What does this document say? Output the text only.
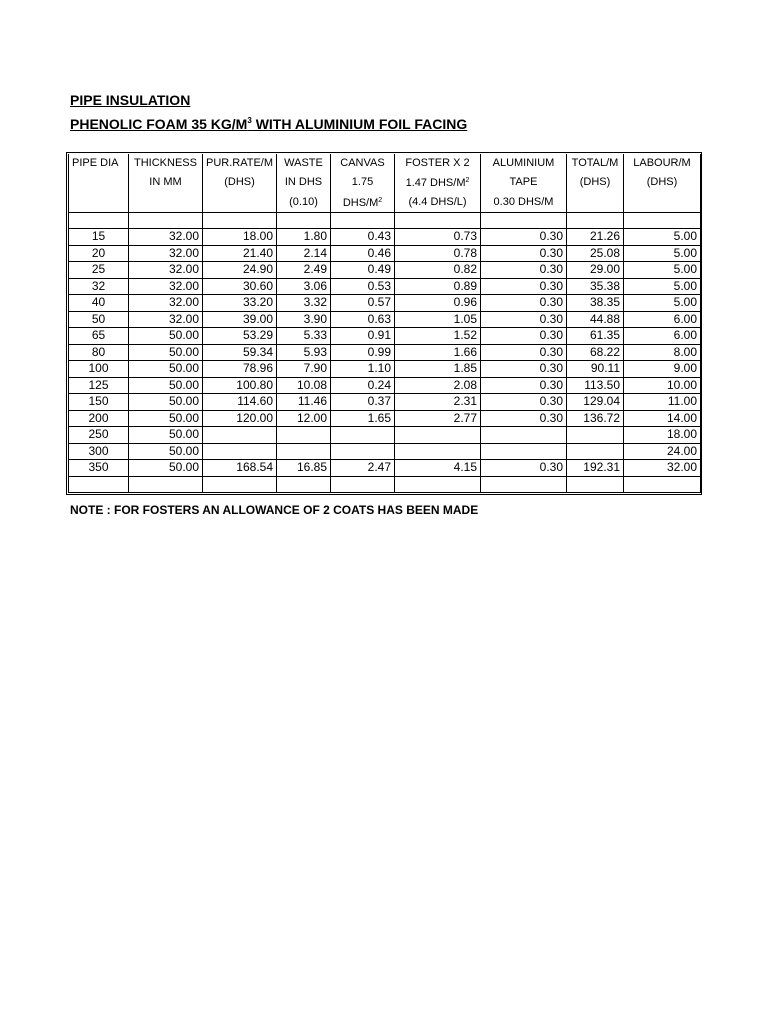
PIPE INSULATION
PHENOLIC FOAM 35 $KG/M^3$ WITH ALUMINIUM FOIL FACING
PIPE DIA	THICKNESS	PUR.RATE/M	WASTE	CANVAS	FOSTER X 2	ALUMINIUM	TOTAL/M	LABOUR/M
	IN MM	(DHS)	IN DHS	1.75	1.47 DHS/$M^2$	TAPE	(DHS)	(DHS)
			(0.10)	DHS/$M^2$	(4.4 DHS/L)	0.30 DHS/M		

15	32.00	18.00	1.80	0.43	0.73	0.30	21.26	5.00
20	32.00	21.40	2.14	0.46	0.78	0.30	25.08	5.00
25	32.00	24.90	2.49	0.49	0.82	0.30	29.00	5.00
32	32.00	30.60	3.06	0.53	0.89	0.30	35.38	5.00
40	32.00	33.20	3.32	0.57	0.96	0.30	38.35	5.00
50	32.00	39.00	3.90	0.63	1.05	0.30	44.88	6.00
65	50.00	53.29	5.33	0.91	1.52	0.30	61.35	6.00
80	50.00	59.34	5.93	0.99	1.66	0.30	68.22	8.00
100	50.00	78.96	7.90	1.10	1.85	0.30	90.11	9.00
125	50.00	100.80	10.08	0.24	2.08	0.30	113.50	10.00
150	50.00	114.60	11.46	0.37	2.31	0.30	129.04	11.00
200	50.00	120.00	12.00	1.65	2.77	0.30	136.72	14.00
250	50.00							18.00
300	50.00							24.00
350	50.00	168.54	16.85	2.47	4.15	0.30	192.31	32.00

NOTE : FOR FOSTERS AN ALLOWANCE OF 2 COATS HAS BEEN MADE
